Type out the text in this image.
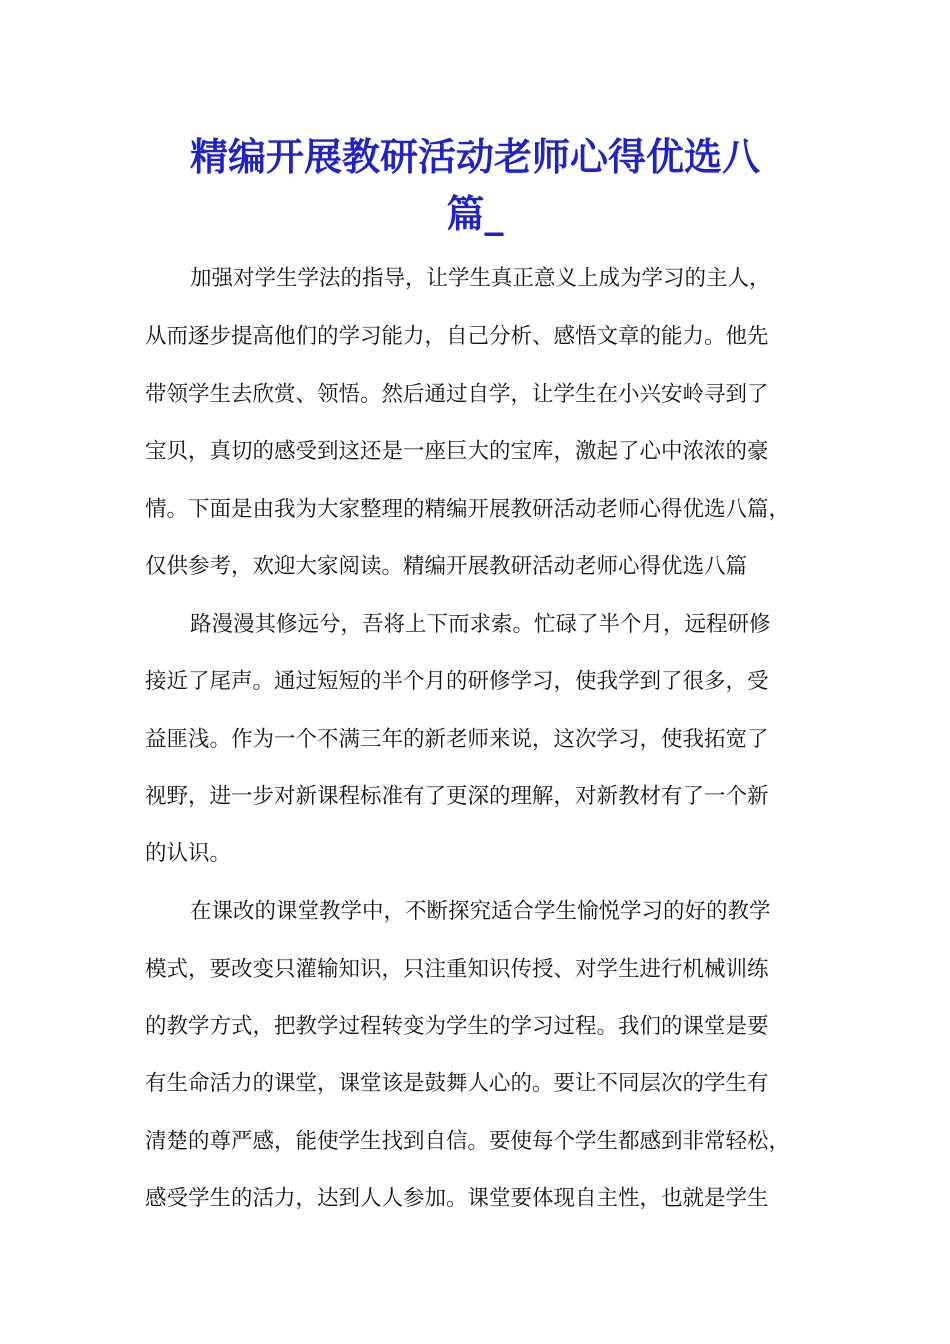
精编开展教研活动老师心得优选八
篇_
加强对学生学法的指导，让学生真正意义上成为学习的主人，
从而逐步提高他们的学习能力，自己分析、感悟文章的能力。他先
带领学生去欣赏、领悟。然后通过自学，让学生在小兴安岭寻到了
宝贝，真切的感受到这还是一座巨大的宝库，激起了心中浓浓的豪
情。下面是由我为大家整理的精编开展教研活动老师心得优选八篇，
仅供参考，欢迎大家阅读。精编开展教研活动老师心得优选八篇
路漫漫其修远兮，吾将上下而求索。忙碌了半个月，远程研修
接近了尾声。通过短短的半个月的研修学习，使我学到了很多，受
益匪浅。作为一个不满三年的新老师来说，这次学习，使我拓宽了
视野，进一步对新课程标准有了更深的理解，对新教材有了一个新
的认识。
在课改的课堂教学中，不断探究适合学生愉悦学习的好的教学
模式，要改变只灌输知识，只注重知识传授、对学生进行机械训练
的教学方式，把教学过程转变为学生的学习过程。我们的课堂是要
有生命活力的课堂，课堂该是鼓舞人心的。要让不同层次的学生有
清楚的尊严感，能使学生找到自信。要使每个学生都感到非常轻松，
感受学生的活力，达到人人参加。课堂要体现自主性，也就是学生
